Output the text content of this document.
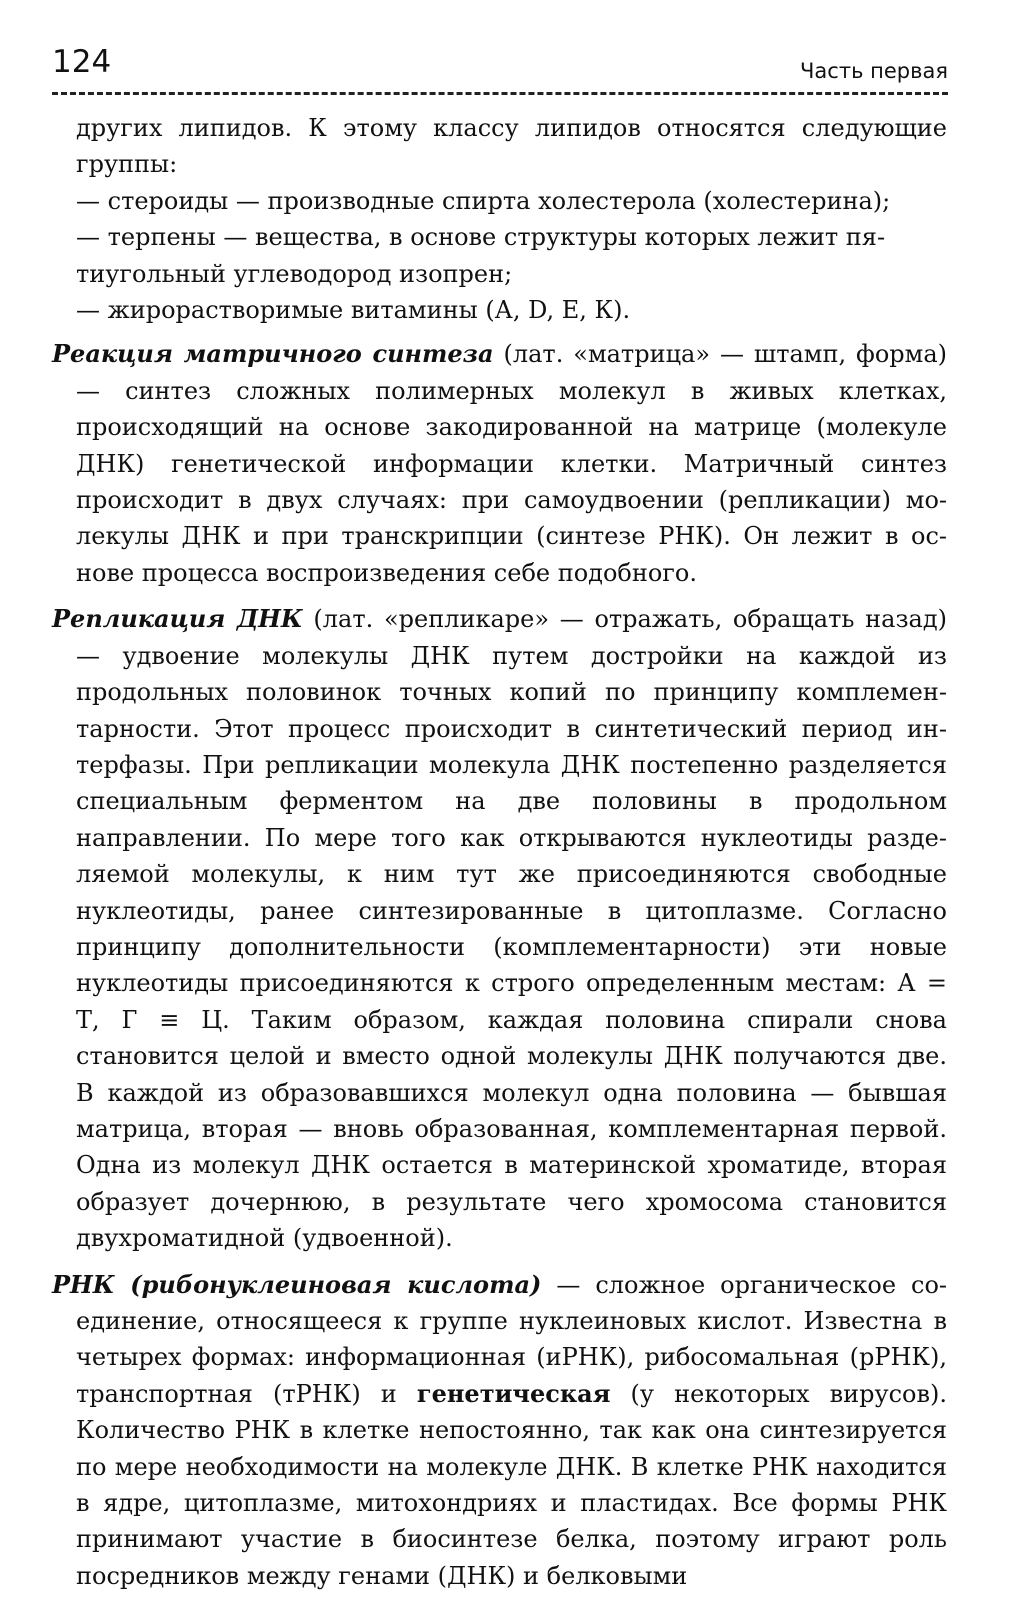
124	Часть первая

других липидов. К этому классу липидов относятся следующие группы:

— стероиды — производные спирта холестерола (холестерина);

— терпены — вещества, в основе структуры которых лежит пятиугольный углеводород изопрен;

— жирорастворимые витамины (А, D, Е, К).

Реакция матричного синтеза (лат. «матрица» — штамп, форма) — синтез сложных полимерных молекул в живых клетках, происходящий на основе закодированной на матрице (молекуле ДНК) генетической информации клетки. Матричный синтез происходит в двух случаях: при самоудвоении (репликации) молекулы ДНК и при транскрипции (синтезе РНК). Он лежит в основе процесса воспроизведения себе подобного.

Репликация ДНК (лат. «репликаре» — отражать, обращать назад) — удвоение молекулы ДНК путем достройки на каждой из продольных половинок точных копий по принципу комплементарности. Этот процесс происходит в синтетический период интерфазы. При репликации молекула ДНК постепенно разделяется специальным ферментом на две половины в продольном направлении. По мере того как открываются нуклеотиды разделяемой молекулы, к ним тут же присоединяются свободные нуклеотиды, ранее синтезированные в цитоплазме. Согласно принципу дополнительности (комплементарности) эти новые нуклеотиды присоединяются к строго определенным местам: А = Т, Г ≡ Ц. Таким образом, каждая половина спирали снова становится целой и вместо одной молекулы ДНК получаются две. В каждой из образовавшихся молекул одна половина — бывшая матрица, вторая — вновь образованная, комплементарная первой. Одна из молекул ДНК остается в материнской хроматиде, вторая образует дочернюю, в результате чего хромосома становится двухроматидной (удвоенной).

РНК (рибонуклеиновая кислота) — сложное органическое соединение, относящееся к группе нуклеиновых кислот. Известна в четырех формах: информационная (иРНК), рибосомальная (рРНК), транспортная (тРНК) и генетическая (у некоторых вирусов). Количество РНК в клетке непостоянно, так как она синтезируется по мере необходимости на молекуле ДНК. В клетке РНК находится в ядре, цитоплазме, митохондриях и пластидах. Все формы РНК принимают участие в биосинтезе белка, поэтому играют роль посредников между генами (ДНК) и белковыми
